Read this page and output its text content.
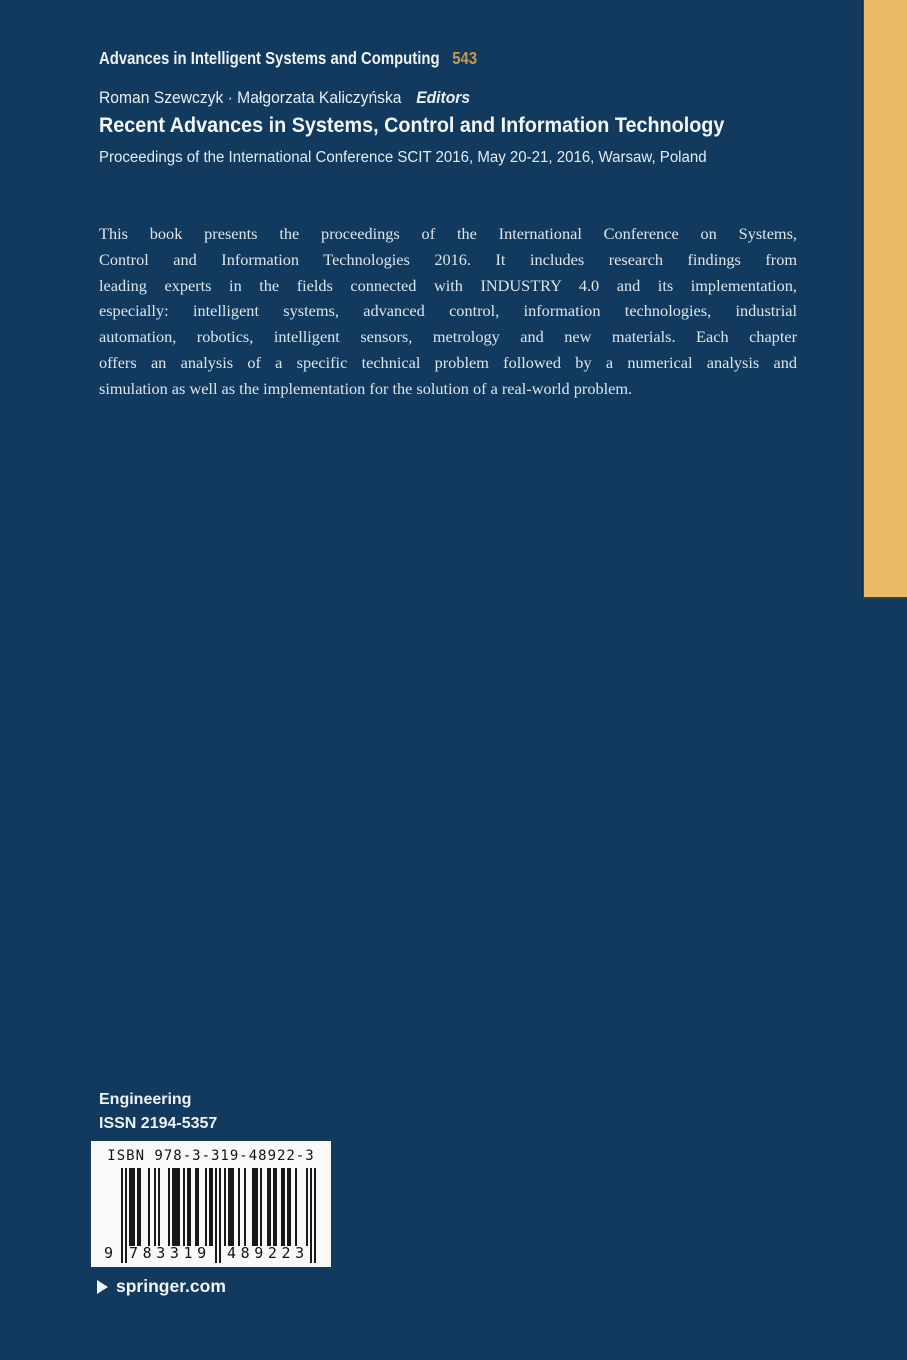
Advances in Intelligent Systems and Computing 543
Roman Szewczyk · Małgorzata Kaliczyńska Editors
Recent Advances in Systems, Control and Information Technology
Proceedings of the International Conference SCIT 2016, May 20-21, 2016, Warsaw, Poland
This book presents the proceedings of the International Conference on Systems,
Control and Information Technologies 2016. It includes research findings from
leading experts in the fields connected with INDUSTRY 4.0 and its implementation,
especially: intelligent systems, advanced control, information technologies, industrial
automation, robotics, intelligent sensors, metrology and new materials. Each chapter
offers an analysis of a specific technical problem followed by a numerical analysis and
simulation as well as the implementation for the solution of a real-world problem.
Engineering
ISSN 2194-5357
ISBN 978-3-319-48922-3
9 783319 489223
springer.com
